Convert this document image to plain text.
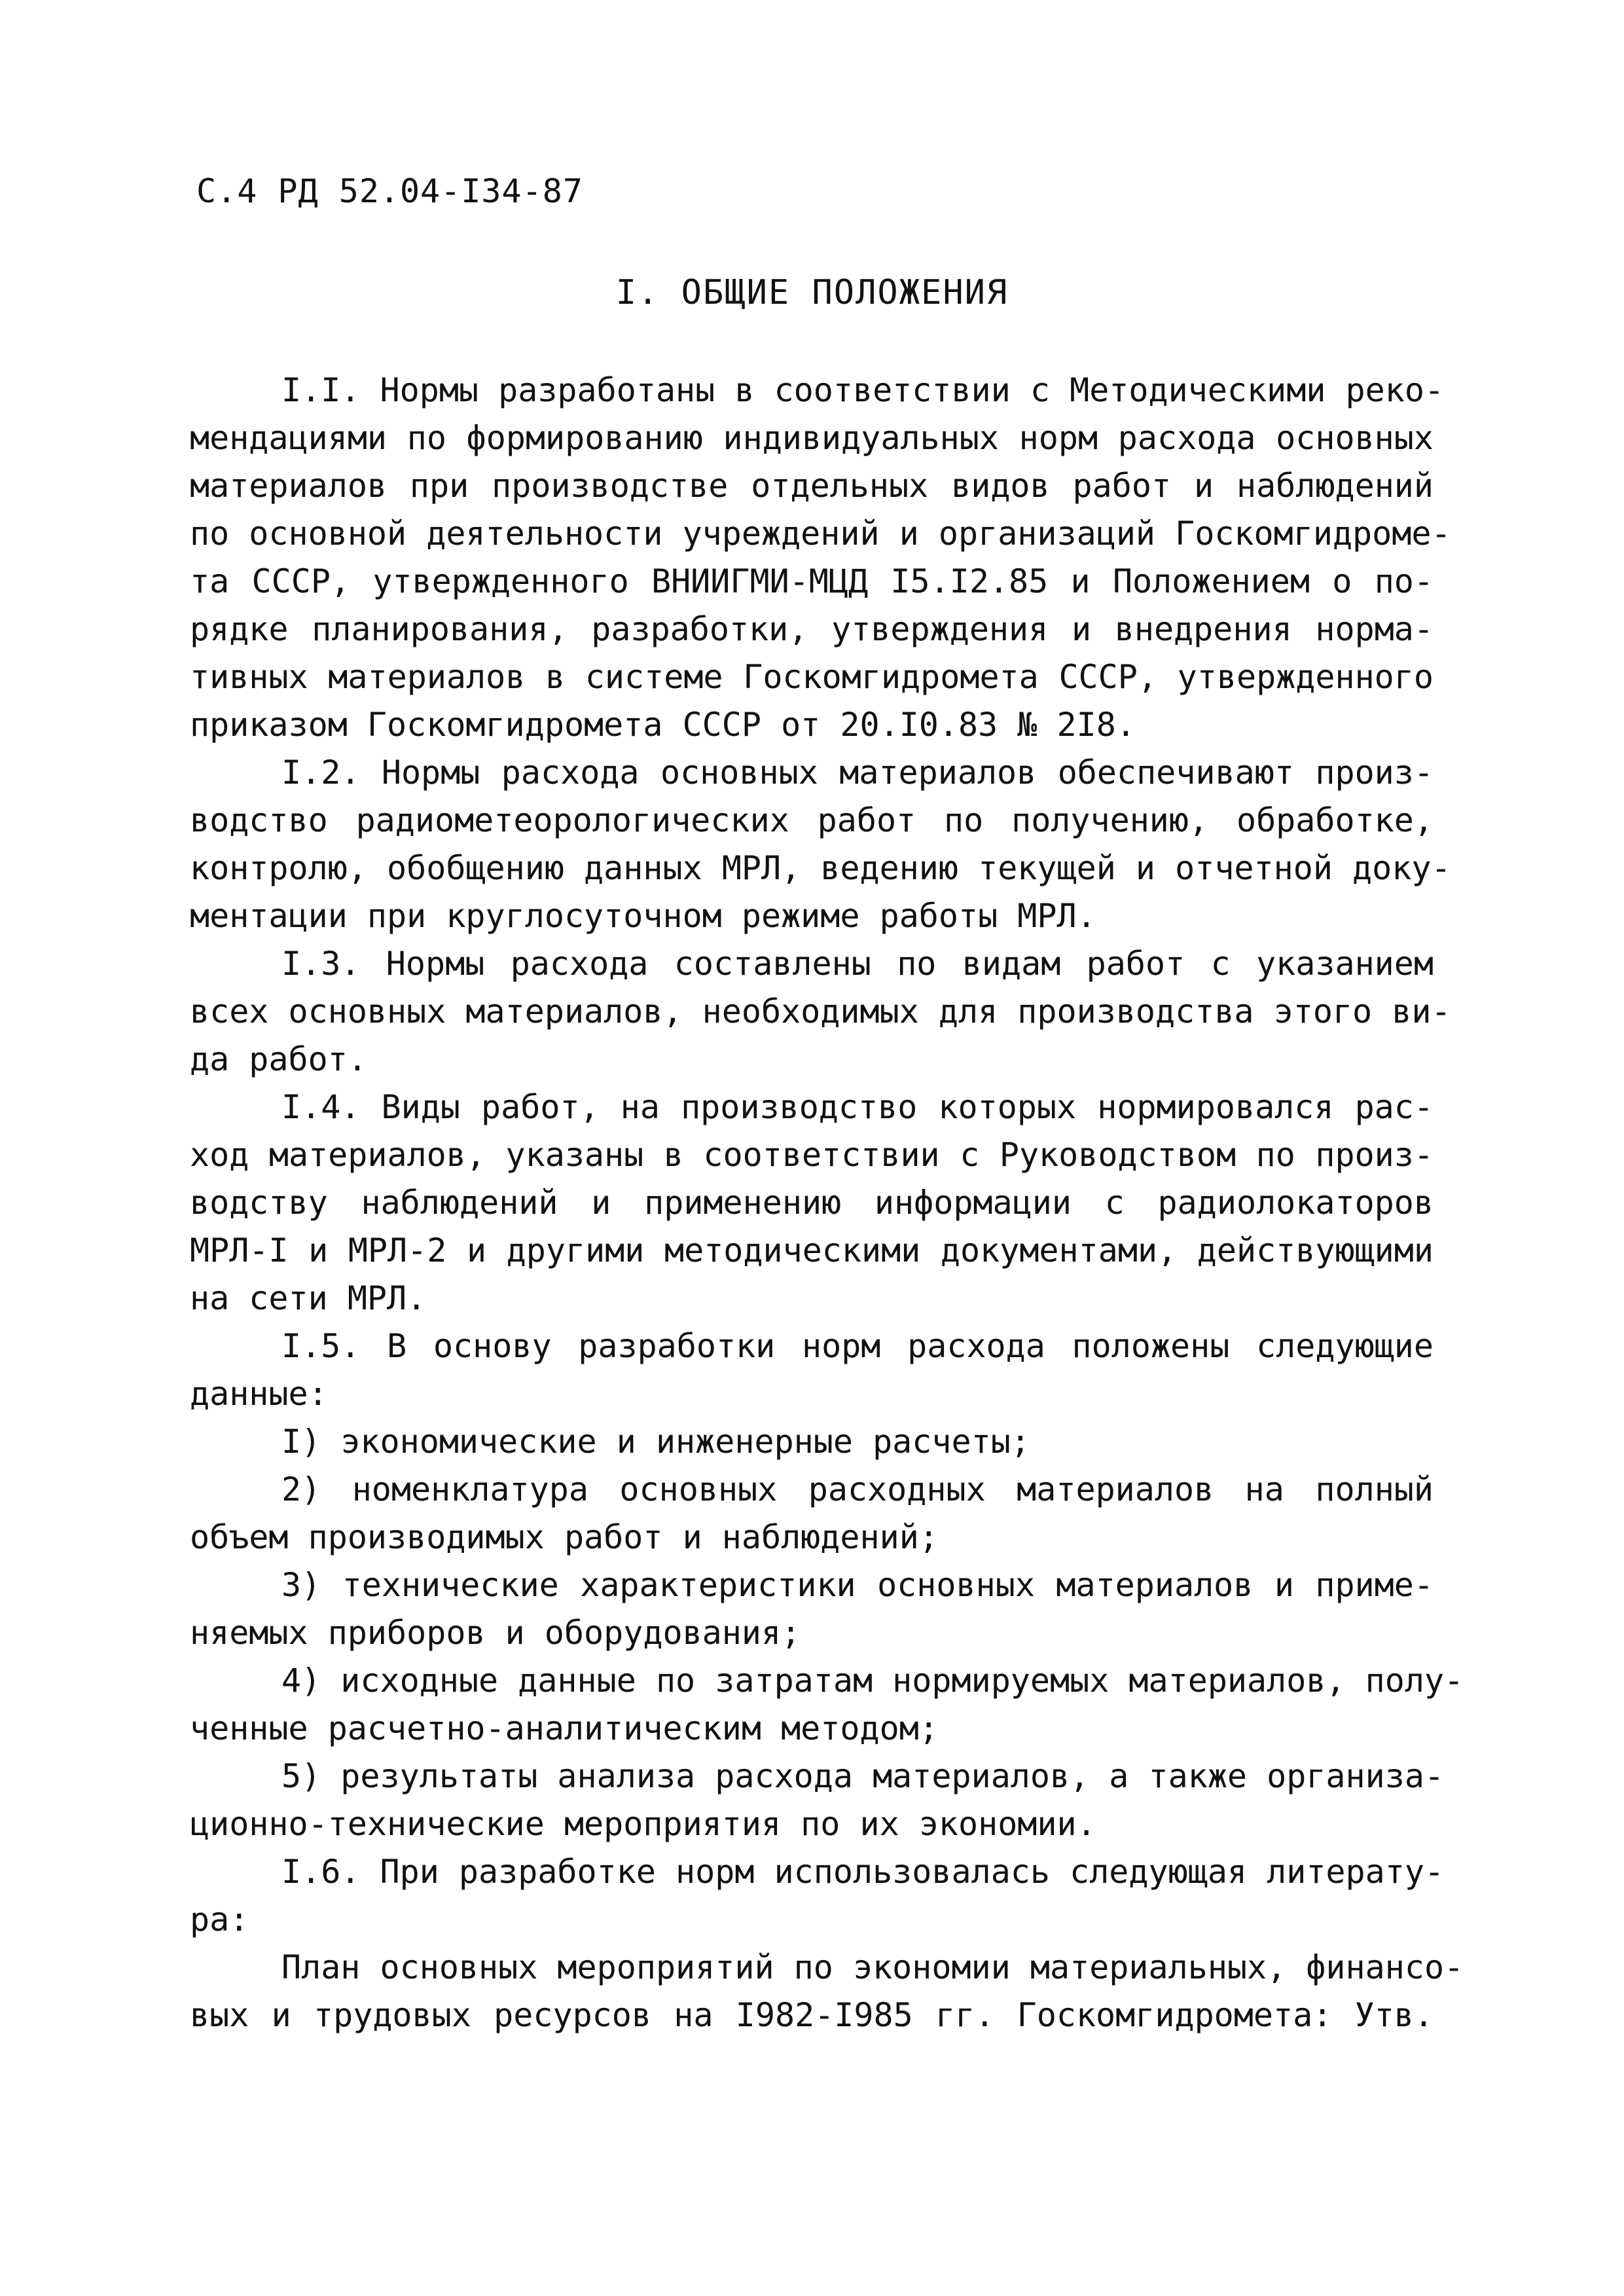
С.4 РД 52.04-I34-87
I. ОБЩИЕ ПОЛОЖЕНИЯ
I.I. Нормы разработаны в соответствии с Методическими реко-
мендациями по формированию индивидуальных норм расхода основных
материалов при производстве отдельных видов работ и наблюдений
по основной деятельности учреждений и организаций Госкомгидроме-
та СССР, утвержденного ВНИИГМИ-МЦД I5.I2.85 и Положением о по-
рядке планирования, разработки, утверждения и внедрения норма-
тивных материалов в системе Госкомгидромета СССР, утвержденного
приказом Госкомгидромета СССР от 20.I0.83 № 2I8.
I.2. Нормы расхода основных материалов обеспечивают произ-
водство радиометеорологических работ по получению, обработке,
контролю, обобщению данных МРЛ, ведению текущей и отчетной доку-
ментации при круглосуточном режиме работы МРЛ.
I.3. Нормы расхода составлены по видам работ с указанием
всех основных материалов, необходимых для производства этого ви-
да работ.
I.4. Виды работ, на производство которых нормировался рас-
ход материалов, указаны в соответствии с Руководством по произ-
водству наблюдений и применению информации с радиолокаторов
МРЛ-I и МРЛ-2 и другими методическими документами, действующими
на сети МРЛ.
I.5. В основу разработки норм расхода положены следующие
данные:
I) экономические и инженерные расчеты;
2) номенклатура основных расходных материалов на полный
объем производимых работ и наблюдений;
3) технические характеристики основных материалов и приме-
няемых приборов и оборудования;
4) исходные данные по затратам нормируемых материалов, полу-
ченные расчетно-аналитическим методом;
5) результаты анализа расхода материалов, а также организа-
ционно-технические мероприятия по их экономии.
I.6. При разработке норм использовалась следующая литерату-
ра:
План основных мероприятий по экономии материальных, финансо-
вых и трудовых ресурсов на I982-I985 гг. Госкомгидромета: Утв.
